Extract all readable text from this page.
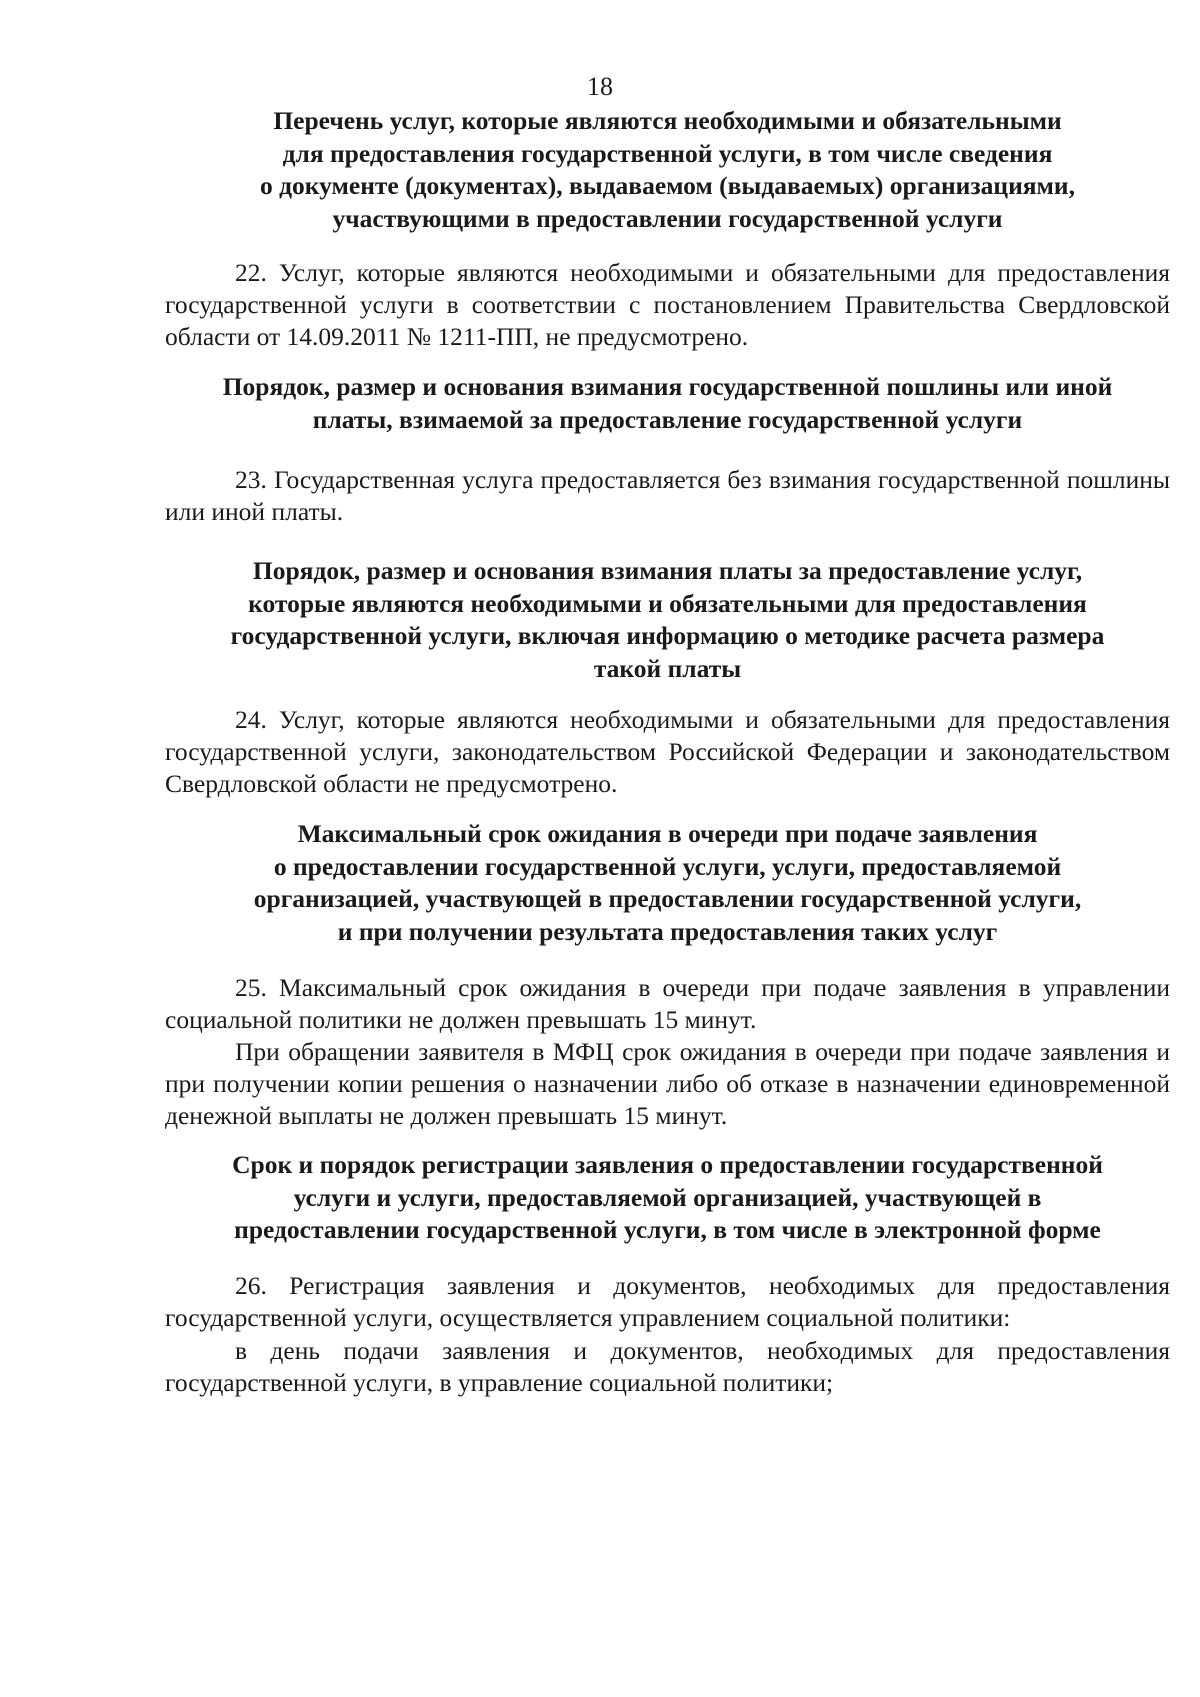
18
Перечень услуг, которые являются необходимыми и обязательными
для предоставления государственной услуги, в том числе сведения
о документе (документах), выдаваемом (выдаваемых) организациями,
участвующими в предоставлении государственной услуги

22. Услуг, которые являются необходимыми и обязательными для предоставления государственной услуги в соответствии с постановлением Правительства Свердловской области от 14.09.2011 № 1211-ПП, не предусмотрено.

Порядок, размер и основания взимания государственной пошлины или иной
платы, взимаемой за предоставление государственной услуги

23. Государственная услуга предоставляется без взимания государственной пошлины или иной платы.

Порядок, размер и основания взимания платы за предоставление услуг,
которые являются необходимыми и обязательными для предоставления
государственной услуги, включая информацию о методике расчета размера
такой платы

24. Услуг, которые являются необходимыми и обязательными для предоставления государственной услуги, законодательством Российской Федерации и законодательством Свердловской области не предусмотрено.

Максимальный срок ожидания в очереди при подаче заявления
о предоставлении государственной услуги, услуги, предоставляемой
организацией, участвующей в предоставлении государственной услуги,
и при получении результата предоставления таких услуг

25. Максимальный срок ожидания в очереди при подаче заявления в управлении социальной политики не должен превышать 15 минут.

При обращении заявителя в МФЦ срок ожидания в очереди при подаче заявления и при получении копии решения о назначении либо об отказе в назначении единовременной денежной выплаты не должен превышать 15 минут.

Срок и порядок регистрации заявления о предоставлении государственной
услуги и услуги, предоставляемой организацией, участвующей в
предоставлении государственной услуги, в том числе в электронной форме

26. Регистрация заявления и документов, необходимых для предоставления государственной услуги, осуществляется управлением социальной политики:

в день подачи заявления и документов, необходимых для предоставления государственной услуги, в управление социальной политики;
